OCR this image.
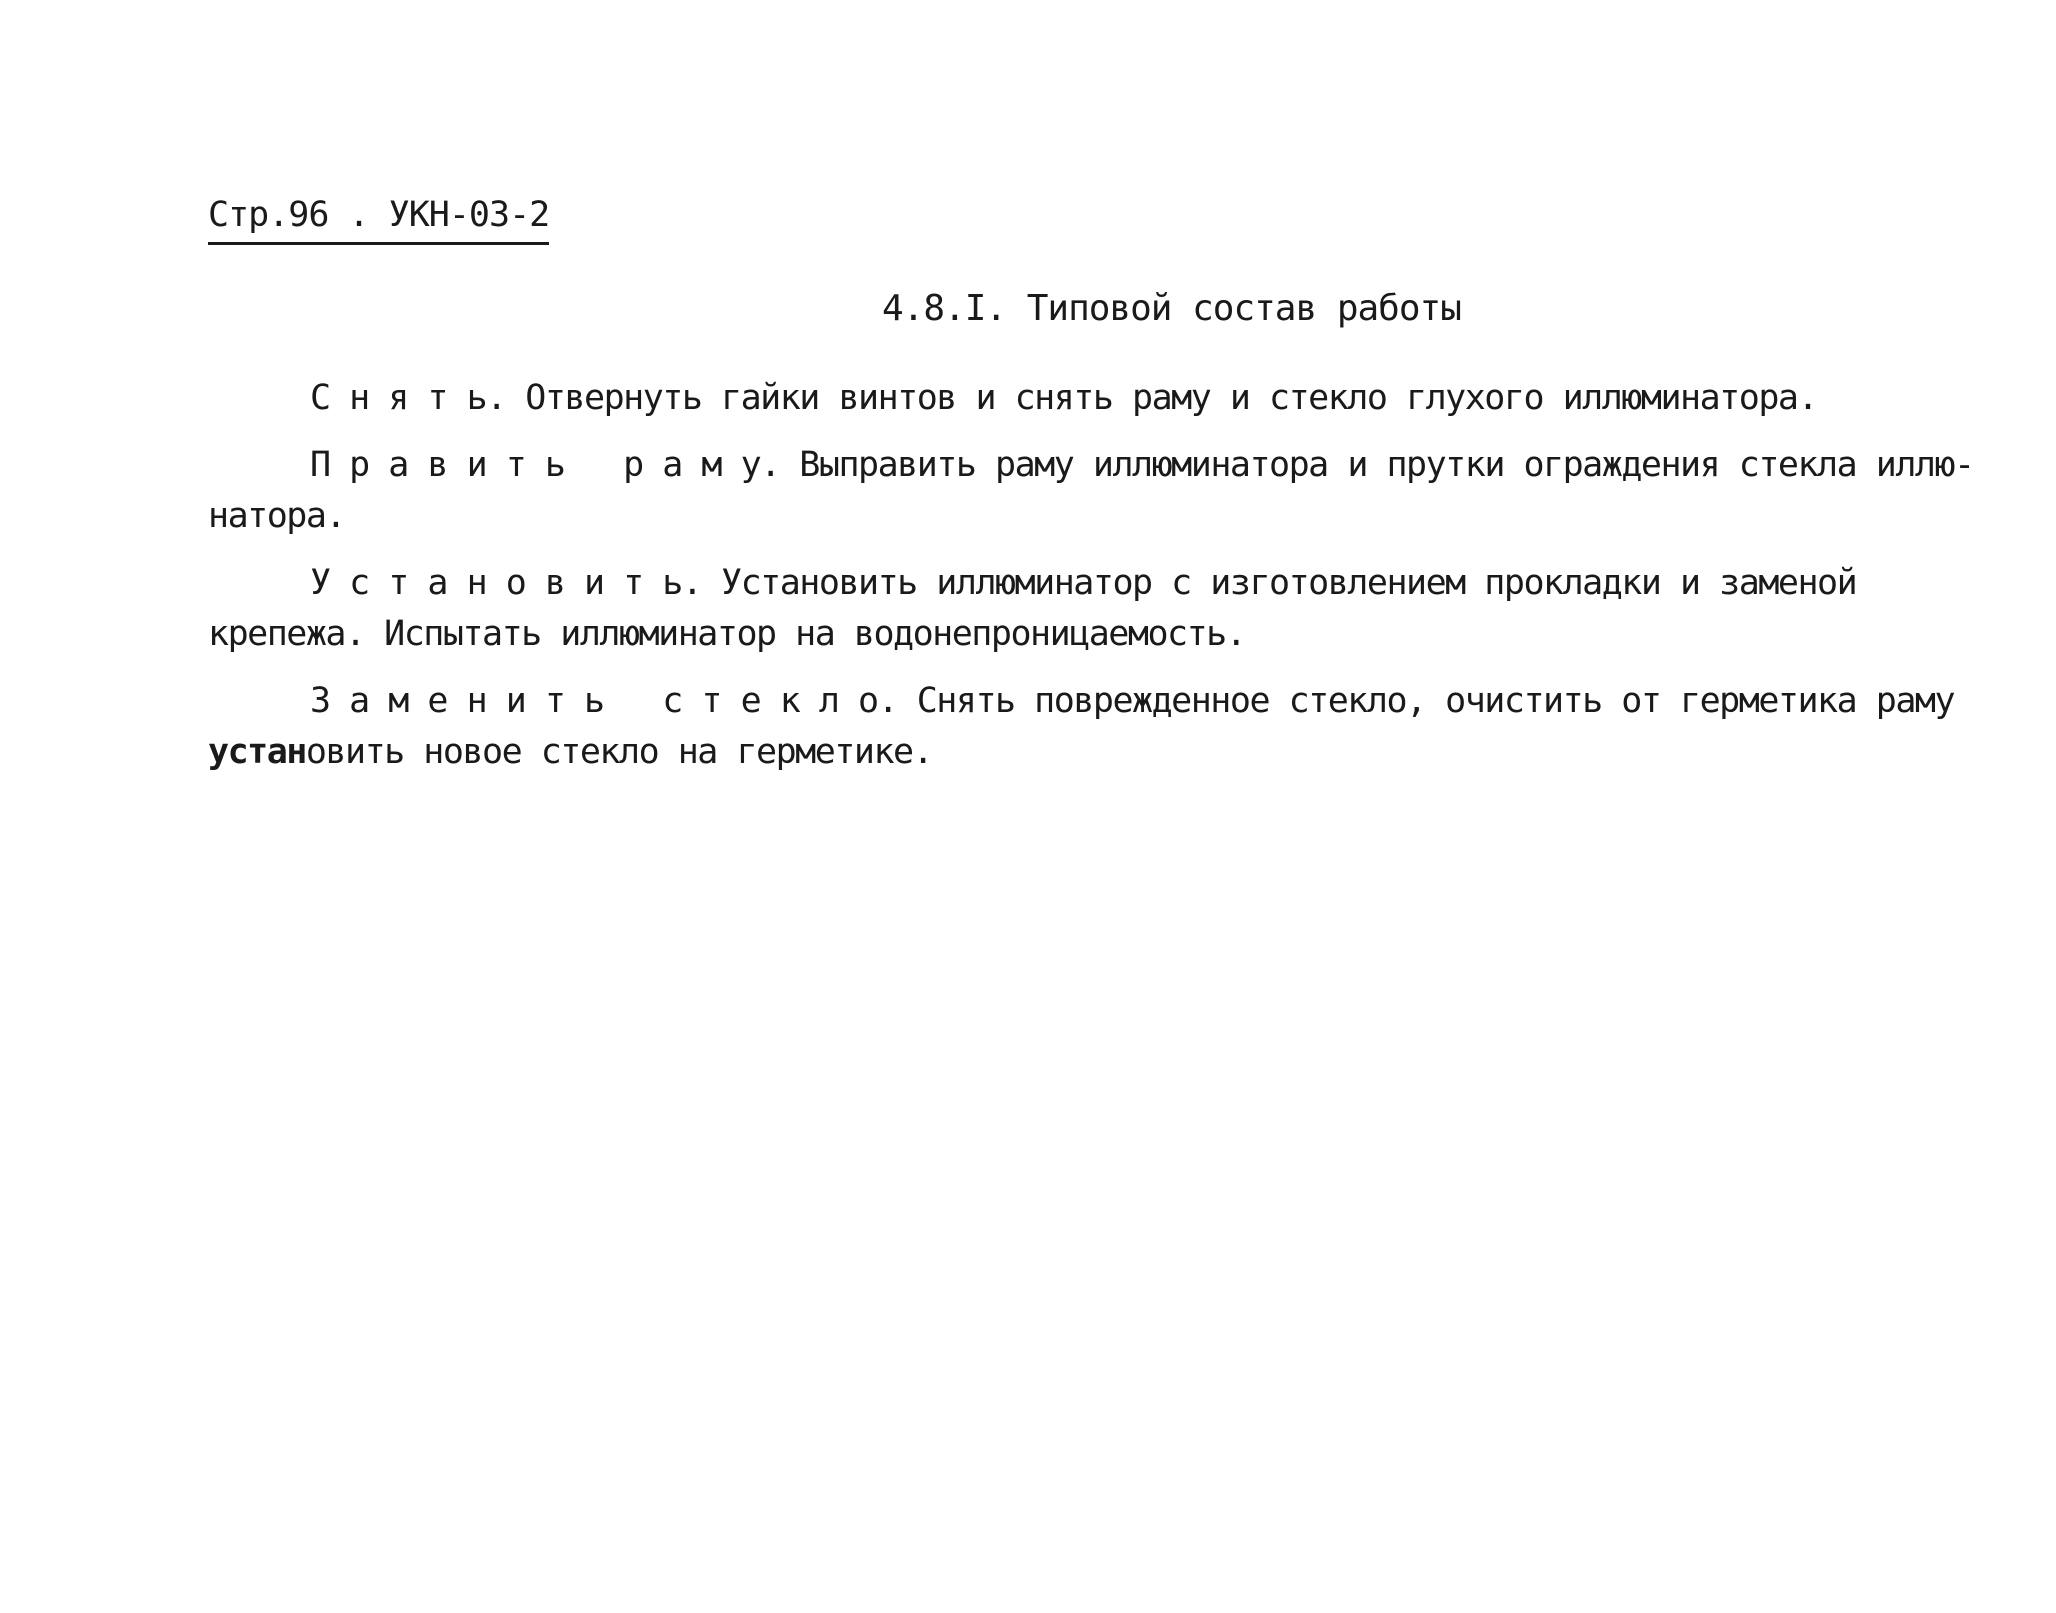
Стр.96 . УКН-03-2
4.8.I. Типовой состав работы
С н я т ь. Отвернуть гайки винтов и снять раму и стекло глухого иллюминатора.
П р а в и т ь   р а м у. Выправить раму иллюминатора и прутки ограждения стекла иллю-
натора.
У с т а н о в и т ь. Установить иллюминатор с изготовлением прокладки и заменой
крепежа. Испытать иллюминатор на водонепроницаемость.
З а м е н и т ь   с т е к л о. Снять поврежденное стекло, очистить от герметика раму
установить новое стекло на герметике.
